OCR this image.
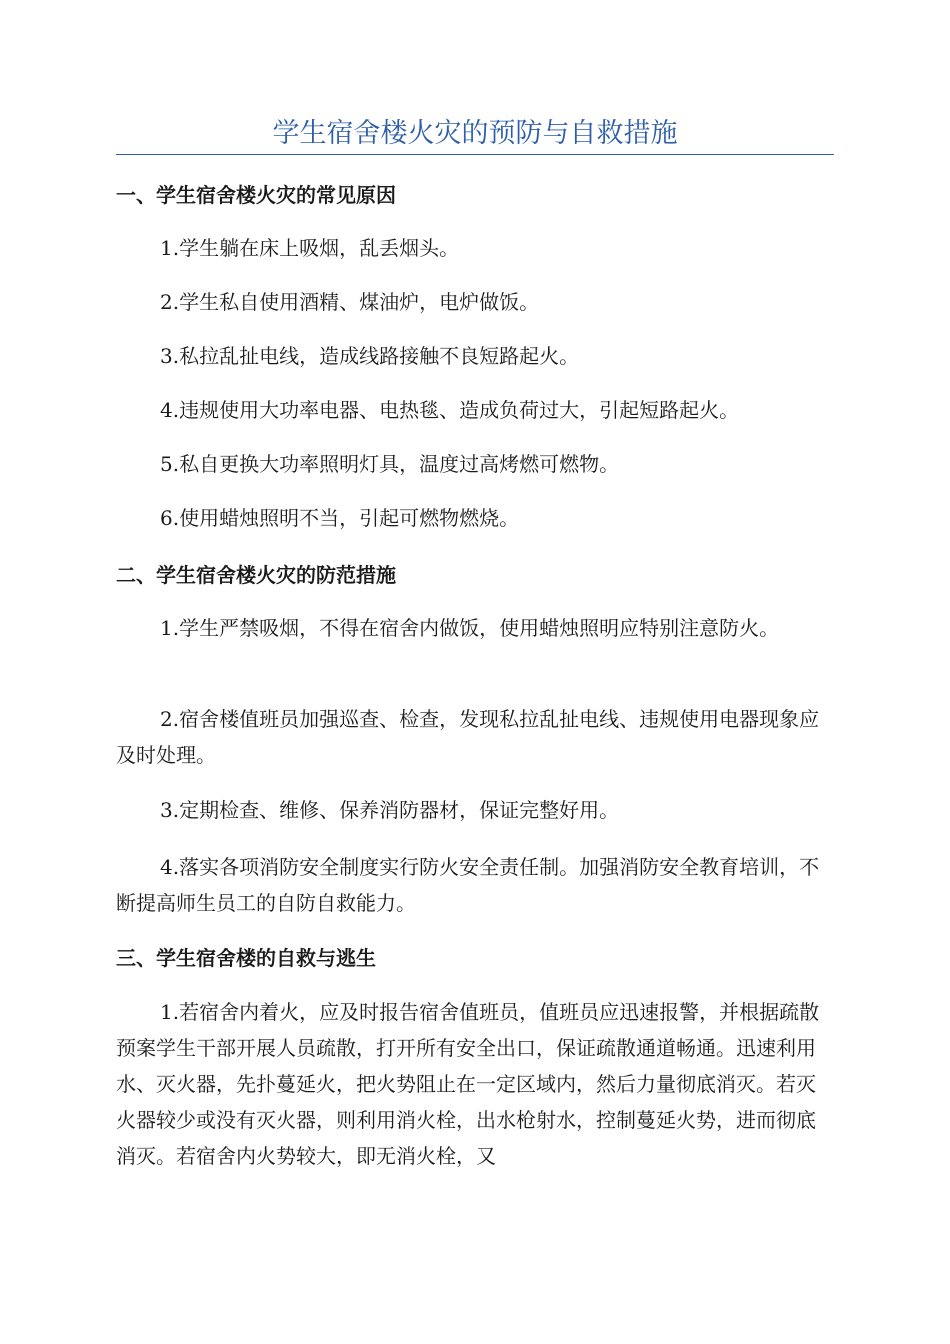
学生宿舍楼火灾的预防与自救措施
一、学生宿舍楼火灾的常见原因
1.学生躺在床上吸烟，乱丢烟头。
2.学生私自使用酒精、煤油炉，电炉做饭。
3.私拉乱扯电线，造成线路接触不良短路起火。
4.违规使用大功率电器、电热毯、造成负荷过大，引起短路起火。
5.私自更换大功率照明灯具，温度过高烤燃可燃物。
6.使用蜡烛照明不当，引起可燃物燃烧。
二、学生宿舍楼火灾的防范措施
1.学生严禁吸烟，不得在宿舍内做饭，使用蜡烛照明应特别注意防火。
2.宿舍楼值班员加强巡查、检查，发现私拉乱扯电线、违规使用电器现象应及时处理。
3.定期检查、维修、保养消防器材，保证完整好用。
4.落实各项消防安全制度实行防火安全责任制。加强消防安全教育培训，不断提高师生员工的自防自救能力。
三、学生宿舍楼的自救与逃生
1.若宿舍内着火，应及时报告宿舍值班员，值班员应迅速报警，并根据疏散预案学生干部开展人员疏散，打开所有安全出口，保证疏散通道畅通。迅速利用水、灭火器，先扑蔓延火，把火势阻止在一定区域内，然后力量彻底消灭。若灭火器较少或没有灭火器，则利用消火栓，出水枪射水，控制蔓延火势，进而彻底消灭。若宿舍内火势较大，即无消火栓，又
